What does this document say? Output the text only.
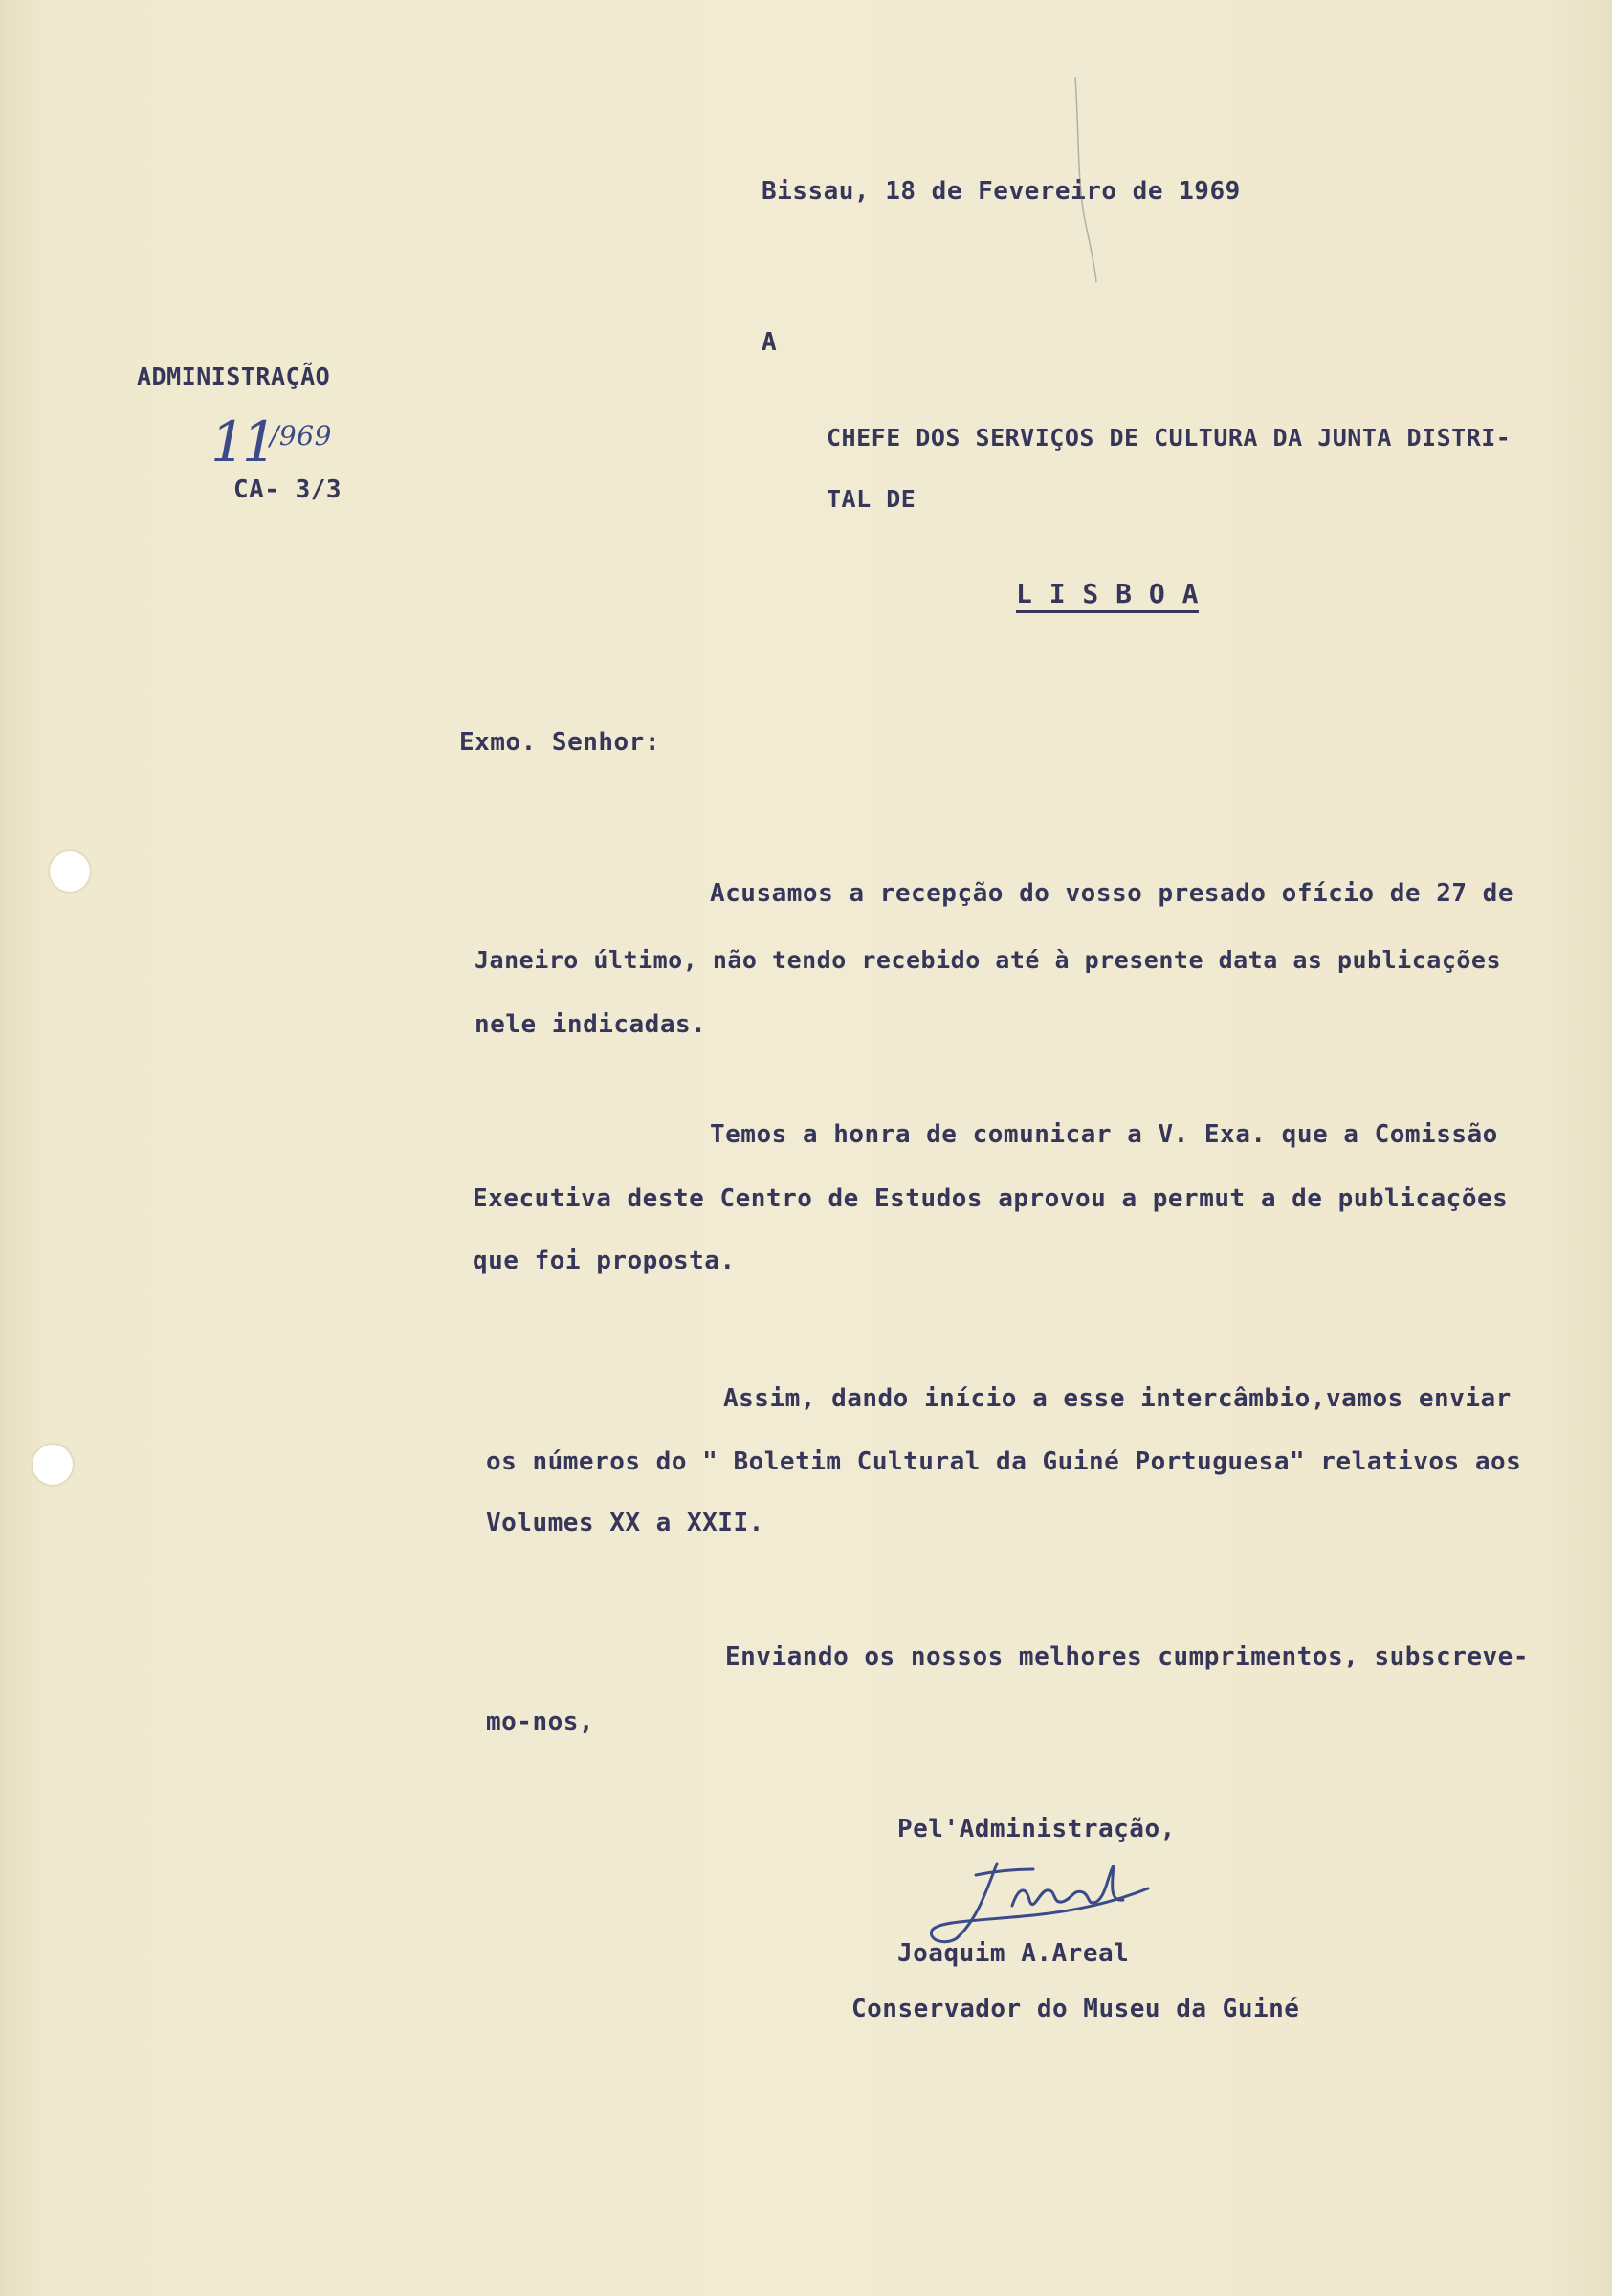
Bissau, 18 de Fevereiro de 1969
A
ADMINISTRAÇÃO
11
/969
CA- 3/3
CHEFE DOS SERVIÇOS DE CULTURA DA JUNTA DISTRI-
TAL DE
L I S B O A
Exmo. Senhor:
Acusamos a recepção do vosso presado ofício de 27 de
Janeiro último, não tendo recebido até à presente data as publicações
nele indicadas.
Temos a honra de comunicar a V. Exa. que a Comissão
Executiva deste Centro de Estudos aprovou a permut a de publicações
que foi proposta.
Assim, dando início a esse intercâmbio,vamos enviar
os números do " Boletim Cultural da Guiné Portuguesa" relativos aos
Volumes XX a XXII.
Enviando os nossos melhores cumprimentos, subscreve-
mo-nos,
Pel'Administração,
Joaquim A.Areal
Conservador do Museu da Guiné
